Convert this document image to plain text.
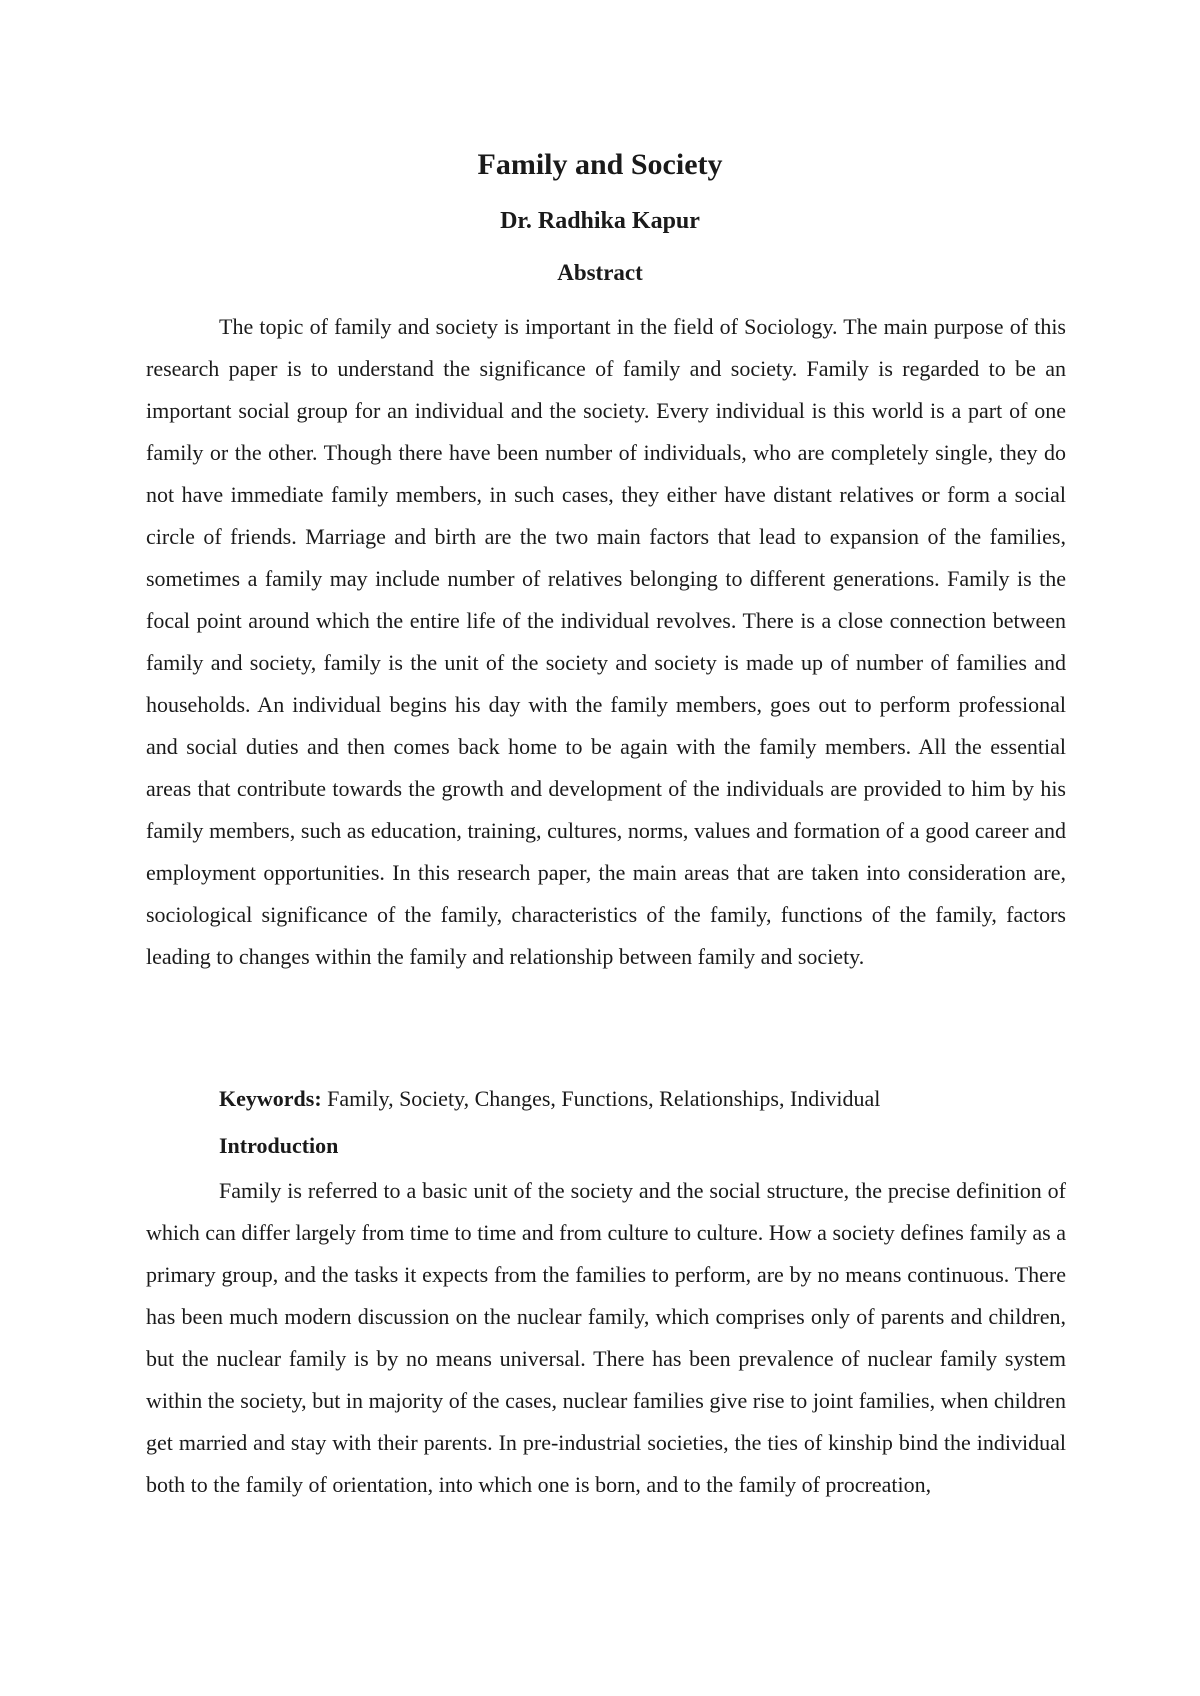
Family and Society
Dr. Radhika Kapur
Abstract

The topic of family and society is important in the field of Sociology. The main purpose of this research paper is to understand the significance of family and society. Family is regarded to be an important social group for an individual and the society. Every individual is this world is a part of one family or the other. Though there have been number of individuals, who are completely single, they do not have immediate family members, in such cases, they either have distant relatives or form a social circle of friends. Marriage and birth are the two main factors that lead to expansion of the families, sometimes a family may include number of relatives belonging to different generations. Family is the focal point around which the entire life of the individual revolves. There is a close connection between family and society, family is the unit of the society and society is made up of number of families and households. An individual begins his day with the family members, goes out to perform professional and social duties and then comes back home to be again with the family members. All the essential areas that contribute towards the growth and development of the individuals are provided to him by his family members, such as education, training, cultures, norms, values and formation of a good career and employment opportunities. In this research paper, the main areas that are taken into consideration are, sociological significance of the family, characteristics of the family, functions of the family, factors leading to changes within the family and relationship between family and society.

Keywords: Family, Society, Changes, Functions, Relationships, Individual
Introduction

Family is referred to a basic unit of the society and the social structure, the precise definition of which can differ largely from time to time and from culture to culture. How a society defines family as a primary group, and the tasks it expects from the families to perform, are by no means continuous. There has been much modern discussion on the nuclear family, which comprises only of parents and children, but the nuclear family is by no means universal. There has been prevalence of nuclear family system within the society, but in majority of the cases, nuclear families give rise to joint families, when children get married and stay with their parents. In pre-industrial societies, the ties of kinship bind the individual both to the family of orientation, into which one is born, and to the family of procreation,
